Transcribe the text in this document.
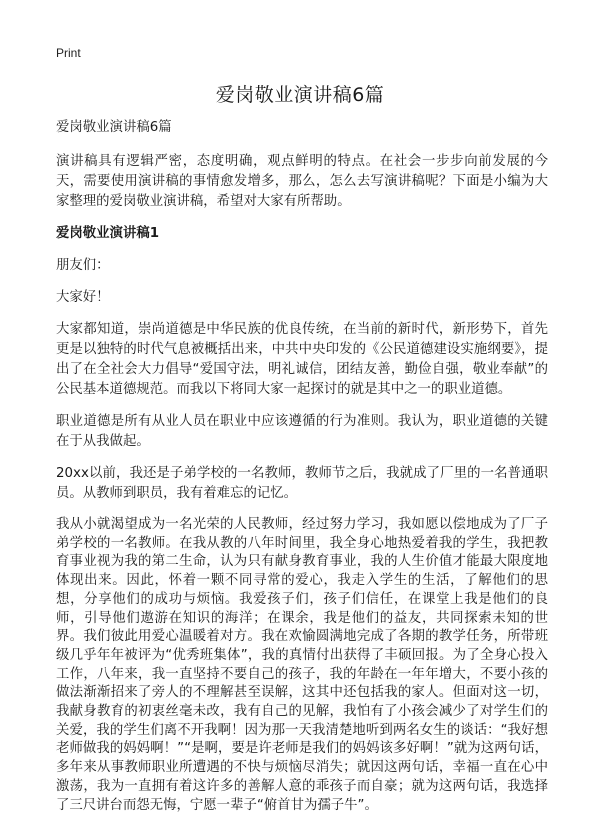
Print
爱岗敬业演讲稿6篇

爱岗敬业演讲稿6篇

演讲稿具有逻辑严密，态度明确，观点鲜明的特点。在社会一步步向前发展的今天，需要使用演讲稿的事情愈发增多，那么，怎么去写演讲稿呢？下面是小编为大家整理的爱岗敬业演讲稿，希望对大家有所帮助。

爱岗敬业演讲稿1

朋友们：

大家好！

大家都知道，崇尚道德是中华民族的优良传统，在当前的新时代，新形势下，首先更是以独特的时代气息被概括出来，中共中央印发的《公民道德建设实施纲要》，提出了在全社会大力倡导“爱国守法，明礼诚信，团结友善，勤俭自强，敬业奉献”的公民基本道德规范。而我以下将同大家一起探讨的就是其中之一的职业道德。

职业道德是所有从业人员在职业中应该遵循的行为准则。我认为，职业道德的关键在于从我做起。

20xx以前，我还是子弟学校的一名教师，教师节之后，我就成了厂里的一名普通职员。从教师到职员，我有着难忘的记忆。

我从小就渴望成为一名光荣的人民教师，经过努力学习，我如愿以偿地成为了厂子弟学校的一名教师。在我从教的八年时间里，我全身心地热爱着我的学生，我把教育事业视为我的第二生命，认为只有献身教育事业，我的人生价值才能最大限度地体现出来。因此，怀着一颗不同寻常的爱心，我走入学生的生活，了解他们的思想，分享他们的成功与烦恼。我爱孩子们，孩子们信任，在课堂上我是他们的良师，引导他们遨游在知识的海洋；在课余，我是他们的益友，共同探索未知的世界。我们彼此用爱心温暖着对方。我在欢愉圆满地完成了各期的教学任务，所带班级几乎年年被评为“优秀班集体”，我的真情付出获得了丰硕回报。为了全身心投入工作，八年来，我一直坚持不要自己的孩子，我的年龄在一年年增大，不要小孩的做法渐渐招来了旁人的不理解甚至误解，这其中还包括我的家人。但面对这一切，我献身教育的初衷丝毫未改，我有自己的见解，我怕有了小孩会减少了对学生们的关爱，我的学生们离不开我啊！因为那一天我清楚地听到两名女生的谈话：“我好想老师做我的妈妈啊！”“是啊，要是许老师是我们的妈妈该多好啊！”就为这两句话，多年来从事教师职业所遭遇的不快与烦恼尽消失；就因这两句话，幸福一直在心中激荡，我为一直拥有着这许多的善解人意的乖孩子而自豪；就为这两句话，我选择了三尺讲台而怨无悔，宁愿一辈子“俯首甘为孺子牛”。
